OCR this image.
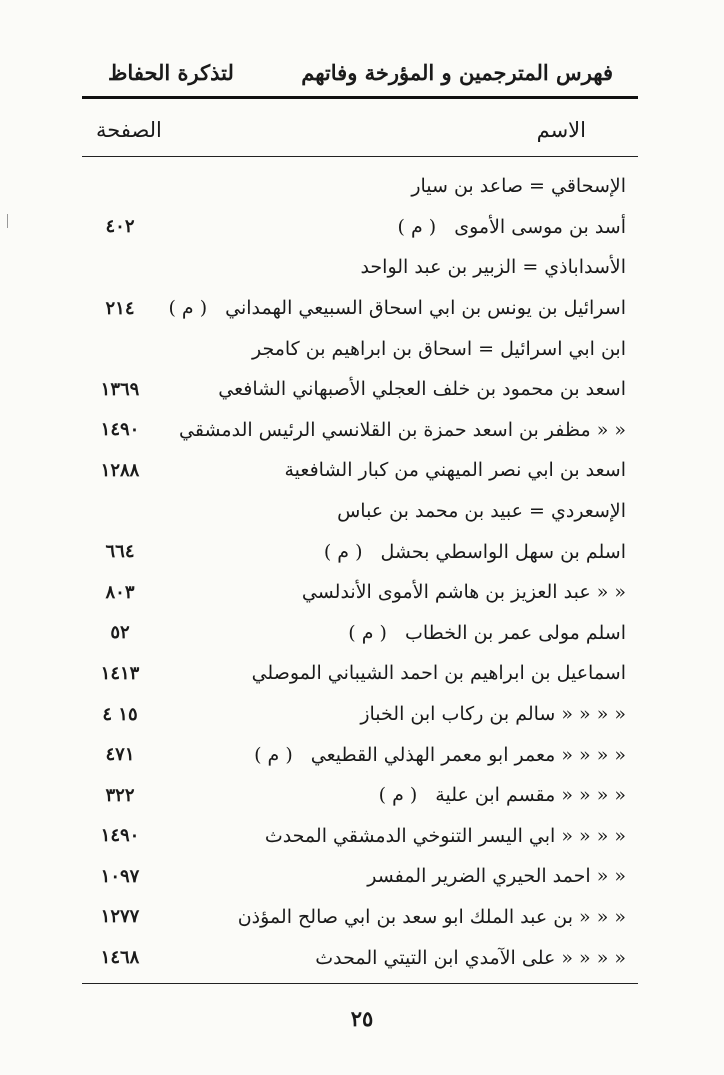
فهرس المترجمين و المؤرخة وفاتهم
لتذكرة الحفاظ
الاسم
الصفحة
الإسحاقي = صاعد بن سيار
أسد بن موسى الأموى( م )
٤٠٢
الأسداباذي = الزبير بن عبد الواحد
اسرائيل بن يونس بن ابي اسحاق السبيعي الهمداني( م )
٢١٤
ابن ابي اسرائيل = اسحاق بن ابراهيم بن كامجر
اسعد بن محمود بن خلف العجلي الأصبهاني الشافعي
١٣٦٩
« « مظفر بن اسعد حمزة بن القلانسي الرئيس الدمشقي
١٤٩٠
اسعد بن ابي نصر الميهني من كبار الشافعية
١٢٨٨
الإسعردي = عبيد بن محمد بن عباس
اسلم بن سهل الواسطي بحشل( م )
٦٦٤
« « عبد العزيز بن هاشم الأموى الأندلسي
٨٠٣
اسلم مولى عمر بن الخطاب( م )
٥٢
اسماعيل بن ابراهيم بن احمد الشيباني الموصلي
١٤١٣
« « « « سالم بن ركاب ابن الخباز
١٥ ٤
« « « « معمر ابو معمر الهذلي القطيعي( م )
٤٧١
« « « « مقسم ابن علية( م )
٣٢٢
« « « « ابي اليسر التنوخي الدمشقي المحدث
١٤٩٠
« « احمد الحيري الضرير المفسر
١٠٩٧
« « « بن عبد الملك ابو سعد بن ابي صالح المؤذن
١٢٧٧
« « « « على الآمدي ابن التيتي المحدث
١٤٦٨
٢٥
